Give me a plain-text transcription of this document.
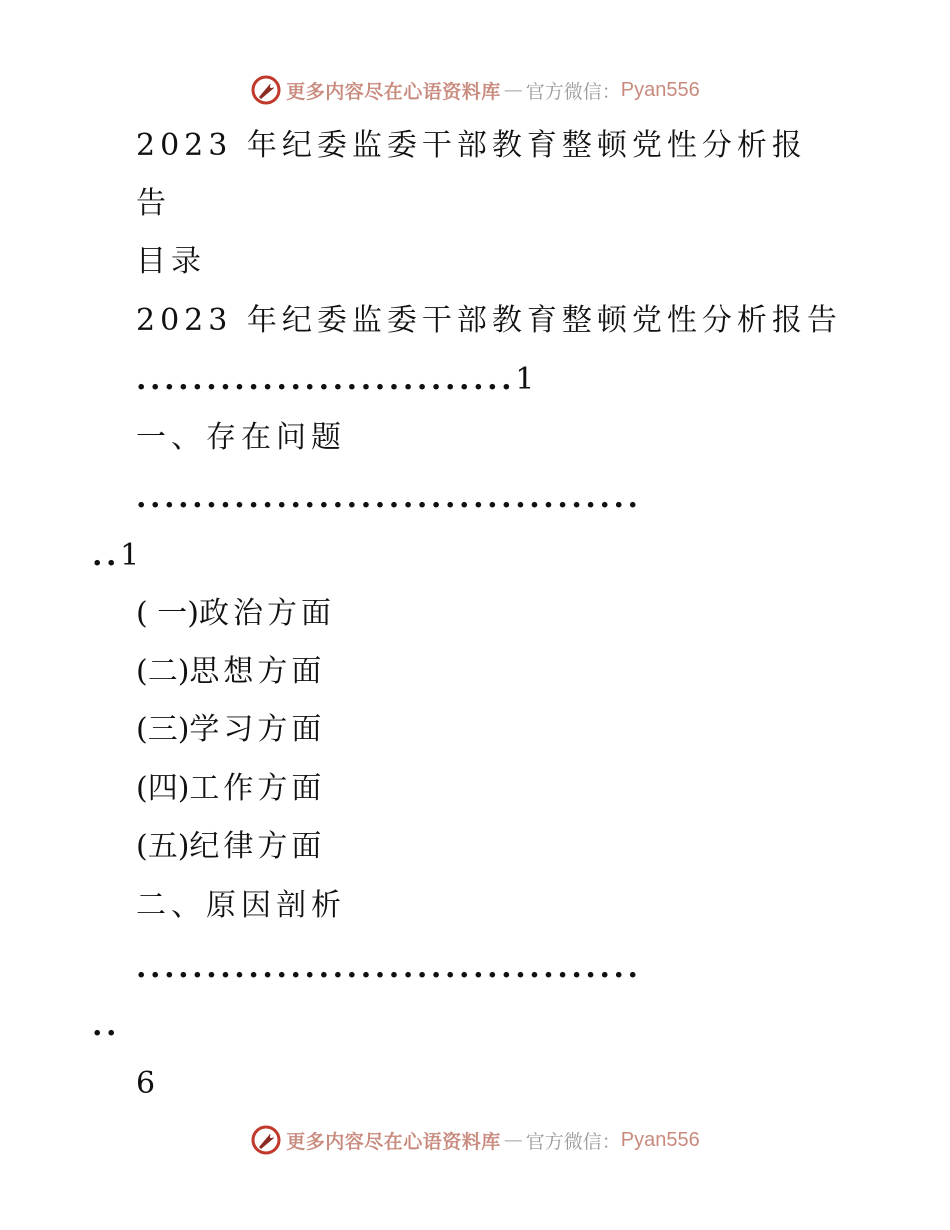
更多内容尽在心语资料库 — 官方微信： Pyan556
2023 年纪委监委干部教育整顿党性分析报
告
目录
2023 年纪委监委干部教育整顿党性分析报告
...........................1
一、存在问题
....................................
..1
( 一)政治方面
(二)思想方面
(三)学习方面
(四)工作方面
(五)纪律方面
二、原因剖析
....................................
..
6
更多内容尽在心语资料库 — 官方微信： Pyan556
